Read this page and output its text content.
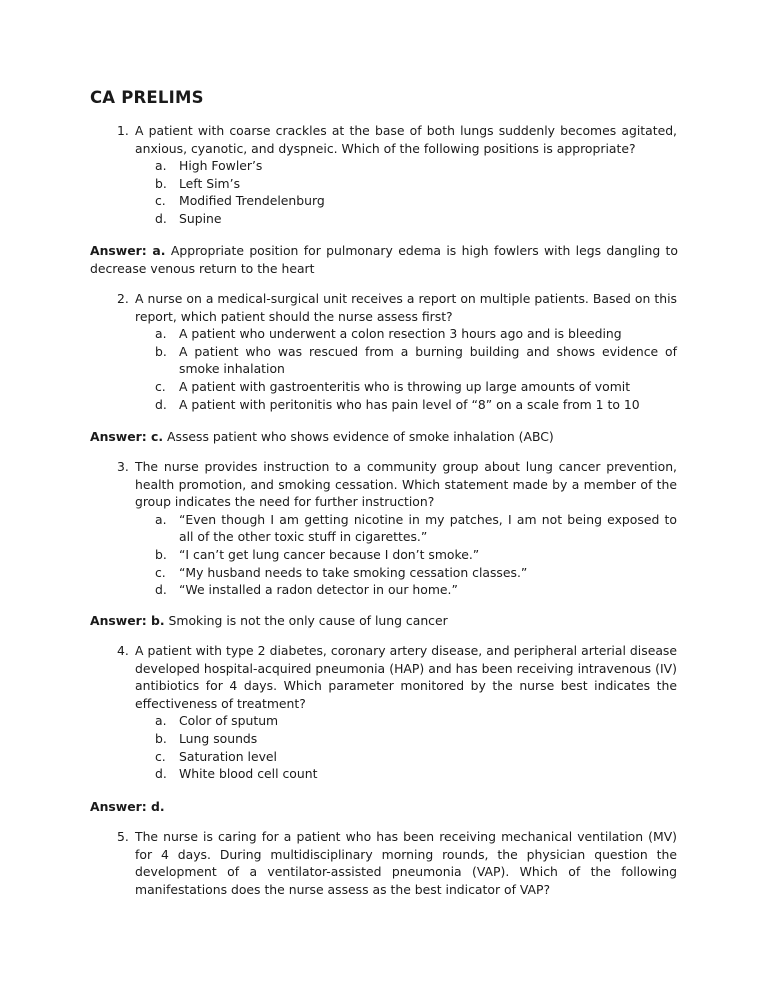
CA PRELIMS
1. A patient with coarse crackles at the base of both lungs suddenly becomes agitated, anxious, cyanotic, and dyspneic. Which of the following positions is appropriate?
a. High Fowler’s
b. Left Sim’s
c. Modified Trendelenburg
d. Supine
Answer: a. Appropriate position for pulmonary edema is high fowlers with legs dangling to decrease venous return to the heart
2. A nurse on a medical-surgical unit receives a report on multiple patients. Based on this report, which patient should the nurse assess first?
a. A patient who underwent a colon resection 3 hours ago and is bleeding
b. A patient who was rescued from a burning building and shows evidence of smoke inhalation
c. A patient with gastroenteritis who is throwing up large amounts of vomit
d. A patient with peritonitis who has pain level of “8” on a scale from 1 to 10
Answer: c. Assess patient who shows evidence of smoke inhalation (ABC)
3. The nurse provides instruction to a community group about lung cancer prevention, health promotion, and smoking cessation. Which statement made by a member of the group indicates the need for further instruction?
a. “Even though I am getting nicotine in my patches, I am not being exposed to all of the other toxic stuff in cigarettes.”
b. “I can’t get lung cancer because I don’t smoke.”
c. “My husband needs to take smoking cessation classes.”
d. “We installed a radon detector in our home.”
Answer: b. Smoking is not the only cause of lung cancer
4. A patient with type 2 diabetes, coronary artery disease, and peripheral arterial disease developed hospital-acquired pneumonia (HAP) and has been receiving intravenous (IV) antibiotics for 4 days. Which parameter monitored by the nurse best indicates the effectiveness of treatment?
a. Color of sputum
b. Lung sounds
c. Saturation level
d. White blood cell count
Answer: d.
5. The nurse is caring for a patient who has been receiving mechanical ventilation (MV) for 4 days. During multidisciplinary morning rounds, the physician question the development of a ventilator-assisted pneumonia (VAP). Which of the following manifestations does the nurse assess as the best indicator of VAP?
